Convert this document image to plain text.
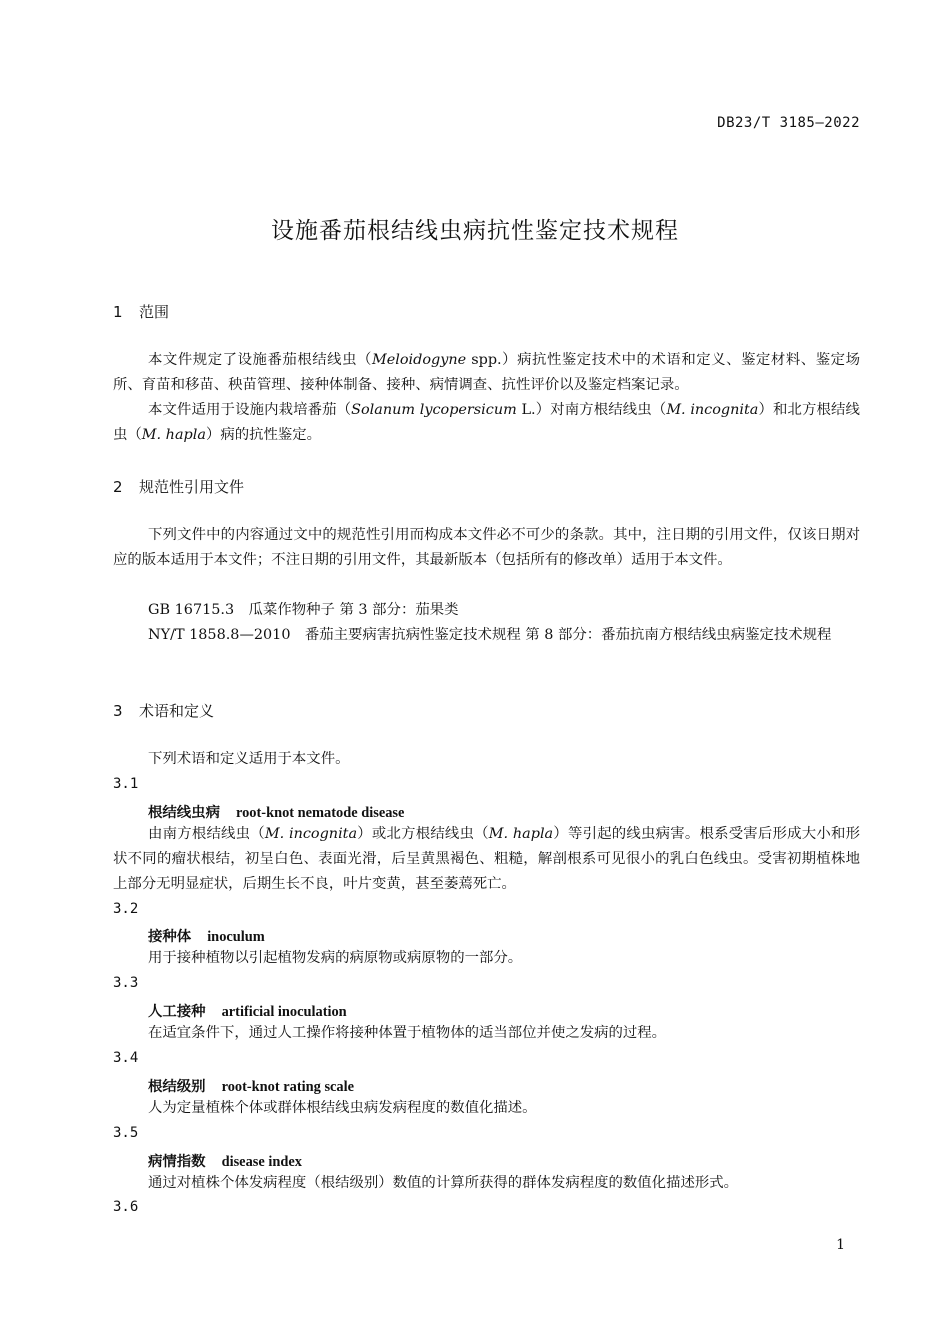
DB23/T 3185—2022
设施番茄根结线虫病抗性鉴定技术规程
1 范围
本文件规定了设施番茄根结线虫（Meloidogyne spp.）病抗性鉴定技术中的术语和定义、鉴定材料、鉴定场所、育苗和移苗、秧苗管理、接种体制备、接种、病情调查、抗性评价以及鉴定档案记录。
本文件适用于设施内栽培番茄（Solanum lycopersicum L.）对南方根结线虫（M. incognita）和北方根结线虫（M. hapla）病的抗性鉴定。
2 规范性引用文件
下列文件中的内容通过文中的规范性引用而构成本文件必不可少的条款。其中，注日期的引用文件，仅该日期对应的版本适用于本文件；不注日期的引用文件，其最新版本（包括所有的修改单）适用于本文件。
GB 16715.3　瓜菜作物种子 第 3 部分：茄果类
NY/T 1858.8—2010　番茄主要病害抗病性鉴定技术规程 第 8 部分：番茄抗南方根结线虫病鉴定技术规程
3 术语和定义
下列术语和定义适用于本文件。
3.1
根结线虫病 root-knot nematode disease
由南方根结线虫（M. incognita）或北方根结线虫（M. hapla）等引起的线虫病害。根系受害后形成大小和形状不同的瘤状根结，初呈白色、表面光滑，后呈黄黑褐色、粗糙，解剖根系可见很小的乳白色线虫。受害初期植株地上部分无明显症状，后期生长不良，叶片变黄，甚至萎蔫死亡。
3.2
接种体 inoculum
用于接种植物以引起植物发病的病原物或病原物的一部分。
3.3
人工接种 artificial inoculation
在适宜条件下，通过人工操作将接种体置于植物体的适当部位并使之发病的过程。
3.4
根结级别 root-knot rating scale
人为定量植株个体或群体根结线虫病发病程度的数值化描述。
3.5
病情指数 disease index
通过对植株个体发病程度（根结级别）数值的计算所获得的群体发病程度的数值化描述形式。
3.6
1
